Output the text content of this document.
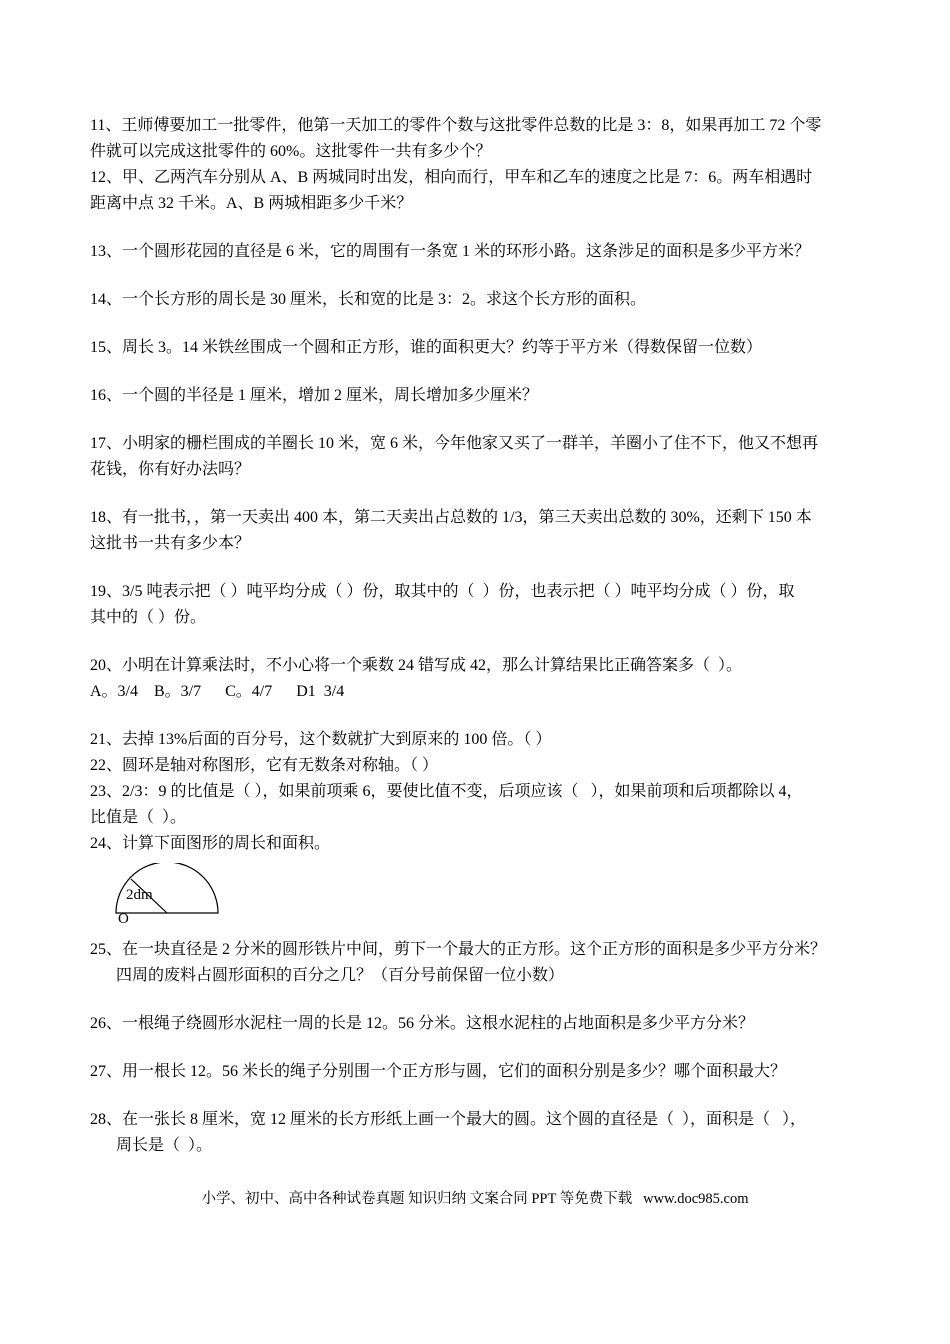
11、王师傅要加工一批零件，他第一天加工的零件个数与这批零件总数的比是 3：8，如果再加工 72 个零
件就可以完成这批零件的 60%。这批零件一共有多少个？
12、甲、乙两汽车分别从 A、B 两城同时出发，相向而行，甲车和乙车的速度之比是 7：6。两车相遇时
距离中点 32 千米。A、B 两城相距多少千米？
13、一个圆形花园的直径是 6 米，它的周围有一条宽 1 米的环形小路。这条涉足的面积是多少平方米？
14、一个长方形的周长是 30 厘米，长和宽的比是 3：2。求这个长方形的面积。
15、周长 3。14 米铁丝围成一个圆和正方形，谁的面积更大？约等于平方米（得数保留一位数）
16、一个圆的半径是 1 厘米，增加 2 厘米，周长增加多少厘米？
17、小明家的栅栏围成的羊圈长 10 米，宽 6 米，今年他家又买了一群羊，羊圈小了住不下，他又不想再
花钱，你有好办法吗？
18、有一批书，，第一天卖出 400 本，第二天卖出占总数的 1/3，第三天卖出总数的 30%，还剩下 150 本
这批书一共有多少本？
19、3/5 吨表示把（ ）吨平均分成（ ）份，取其中的（  ）份，也表示把（ ）吨平均分成（ ）份，取
其中的（ ）份。
20、小明在计算乘法时，不小心将一个乘数 24 错写成 42，那么计算结果比正确答案多（  ）。
A。3/4    B。3/7      C。4/7      D1  3/4
21、去掉 13%后面的百分号，这个数就扩大到原来的 100 倍。（ ）
22、圆环是轴对称图形，它有无数条对称轴。（ ）
23、2/3：9 的比值是（ ），如果前项乘 6，要使比值不变，后项应该（   ），如果前项和后项都除以 4，
比值是（  ）。
24、计算下面图形的周长和面积。
2dm
O
25、在一块直径是 2 分米的圆形铁片中间，剪下一个最大的正方形。这个正方形的面积是多少平方分米？
四周的废料占圆形面积的百分之几？（百分号前保留一位小数）
26、一根绳子绕圆形水泥柱一周的长是 12。56 分米。这根水泥柱的占地面积是多少平方分米？
27、用一根长 12。56 米长的绳子分别围一个正方形与圆，它们的面积分别是多少？哪个面积最大？
28、在一张长 8 厘米，宽 12 厘米的长方形纸上画一个最大的圆。这个圆的直径是（  ），面积是（   ），
周长是（  ）。
小学、初中、高中各种试卷真题 知识归纳 文案合同 PPT 等免费下载 www.doc985.com
